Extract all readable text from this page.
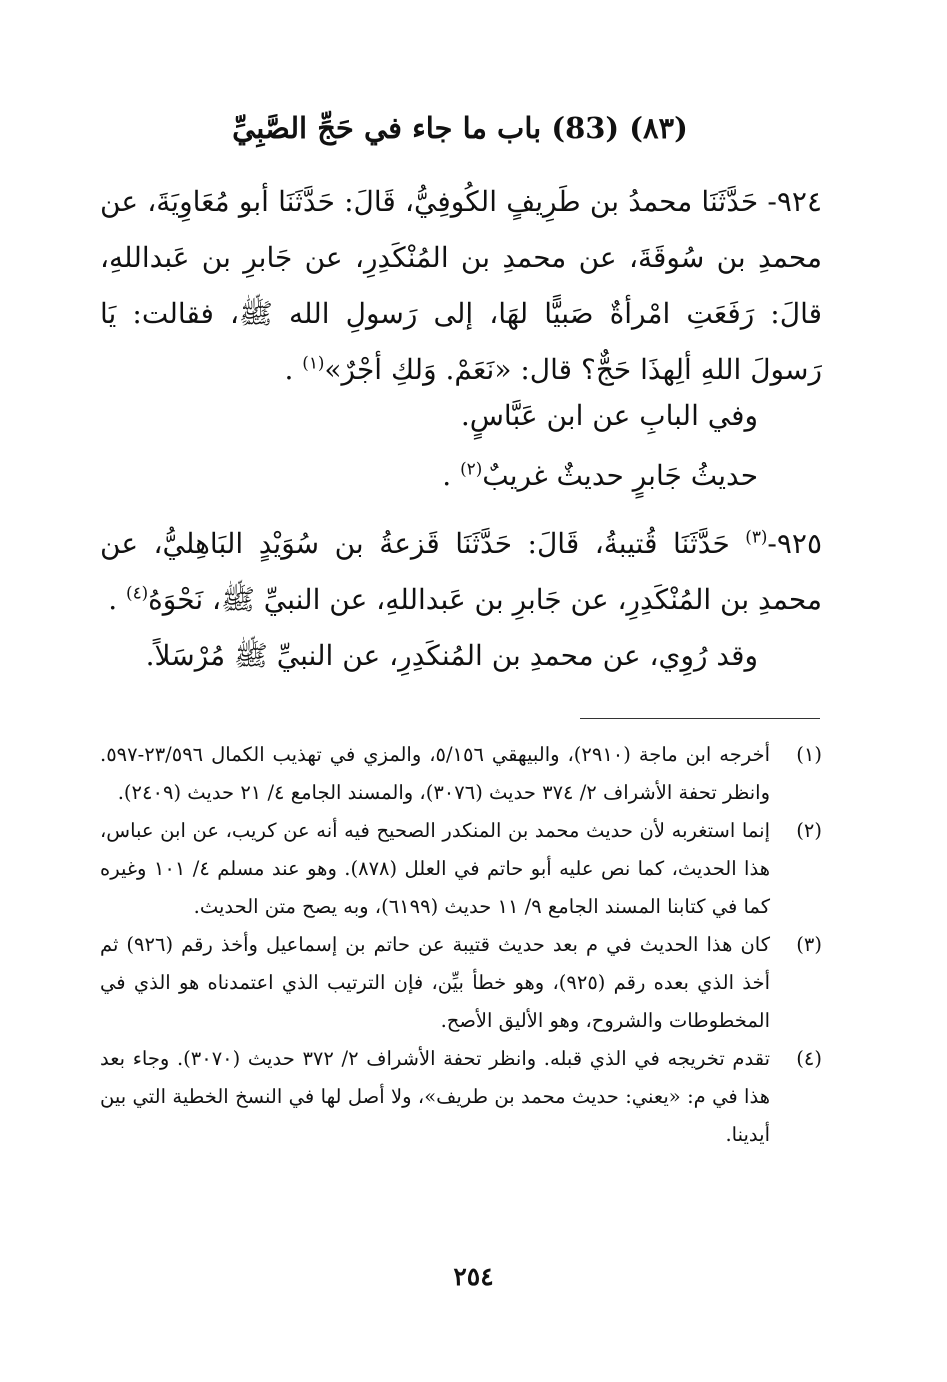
(٨٣) (83) باب ما جاء في حَجِّ الصَّبِيِّ
٩٢٤- حَدَّثَنَا محمدُ بن طَرِيفٍ الكُوفِيُّ، قَالَ: حَدَّثَنَا أبو مُعَاوِيَةَ، عن محمدِ بن سُوقَةَ، عن محمدِ بن المُنْكَدِرِ، عن جَابرِ بن عَبداللهِ، قالَ: رَفَعَتِ امْرأةٌ صَبيًّا لهَا، إلى رَسولِ الله ﷺ، فقالت: يَا رَسولَ اللهِ ألِهذَا حَجٌّ؟ قال: «نَعَمْ. وَلكِ أجْرٌ»$^{(١)}$ .
وفي البابِ عن ابن عَبَّاسٍ.
حديثُ جَابرٍ حديثٌ غريبٌ$^{(٢)}$ .
٩٢٥-$^{(٣)}$ حَدَّثَنَا قُتيبةُ، قَالَ: حَدَّثَنَا قَزعةُ بن سُوَيْدٍ البَاهِليُّ، عن محمدِ بن المُنْكَدِرِ، عن جَابرِ بن عَبداللهِ، عن النبيِّ ﷺ، نَحْوَهُ$^{(٤)}$ .
وقد رُوِي، عن محمدِ بن المُنكَدِرِ، عن النبيِّ ﷺ مُرْسَلاً.
(١)
أخرجه ابن ماجة (٢٩١٠)، والبيهقي ٥/١٥٦، والمزي في تهذيب الكمال ٢٣/٥٩٦-٥٩٧. وانظر تحفة الأشراف ٢/ ٣٧٤ حديث (٣٠٧٦)، والمسند الجامع ٤/ ٢١ حديث (٢٤٠٩).
(٢)
إنما استغربه لأن حديث محمد بن المنكدر الصحيح فيه أنه عن كريب، عن ابن عباس، هذا الحديث، كما نص عليه أبو حاتم في العلل (٨٧٨). وهو عند مسلم ٤/ ١٠١ وغيره كما في كتابنا المسند الجامع ٩/ ١١ حديث (٦١٩٩)، وبه يصح متن الحديث.
(٣)
كان هذا الحديث في م بعد حديث قتيبة عن حاتم بن إسماعيل وأخذ رقم (٩٢٦) ثم أخذ الذي بعده رقم (٩٢٥)، وهو خطأ بيِّن، فإن الترتيب الذي اعتمدناه هو الذي في المخطوطات والشروح، وهو الأليق الأصح.
(٤)
تقدم تخريجه في الذي قبله. وانظر تحفة الأشراف ٢/ ٣٧٢ حديث (٣٠٧٠). وجاء بعد هذا في م: «يعني: حديث محمد بن طريف»، ولا أصل لها في النسخ الخطية التي بين أيدينا.
٢٥٤
